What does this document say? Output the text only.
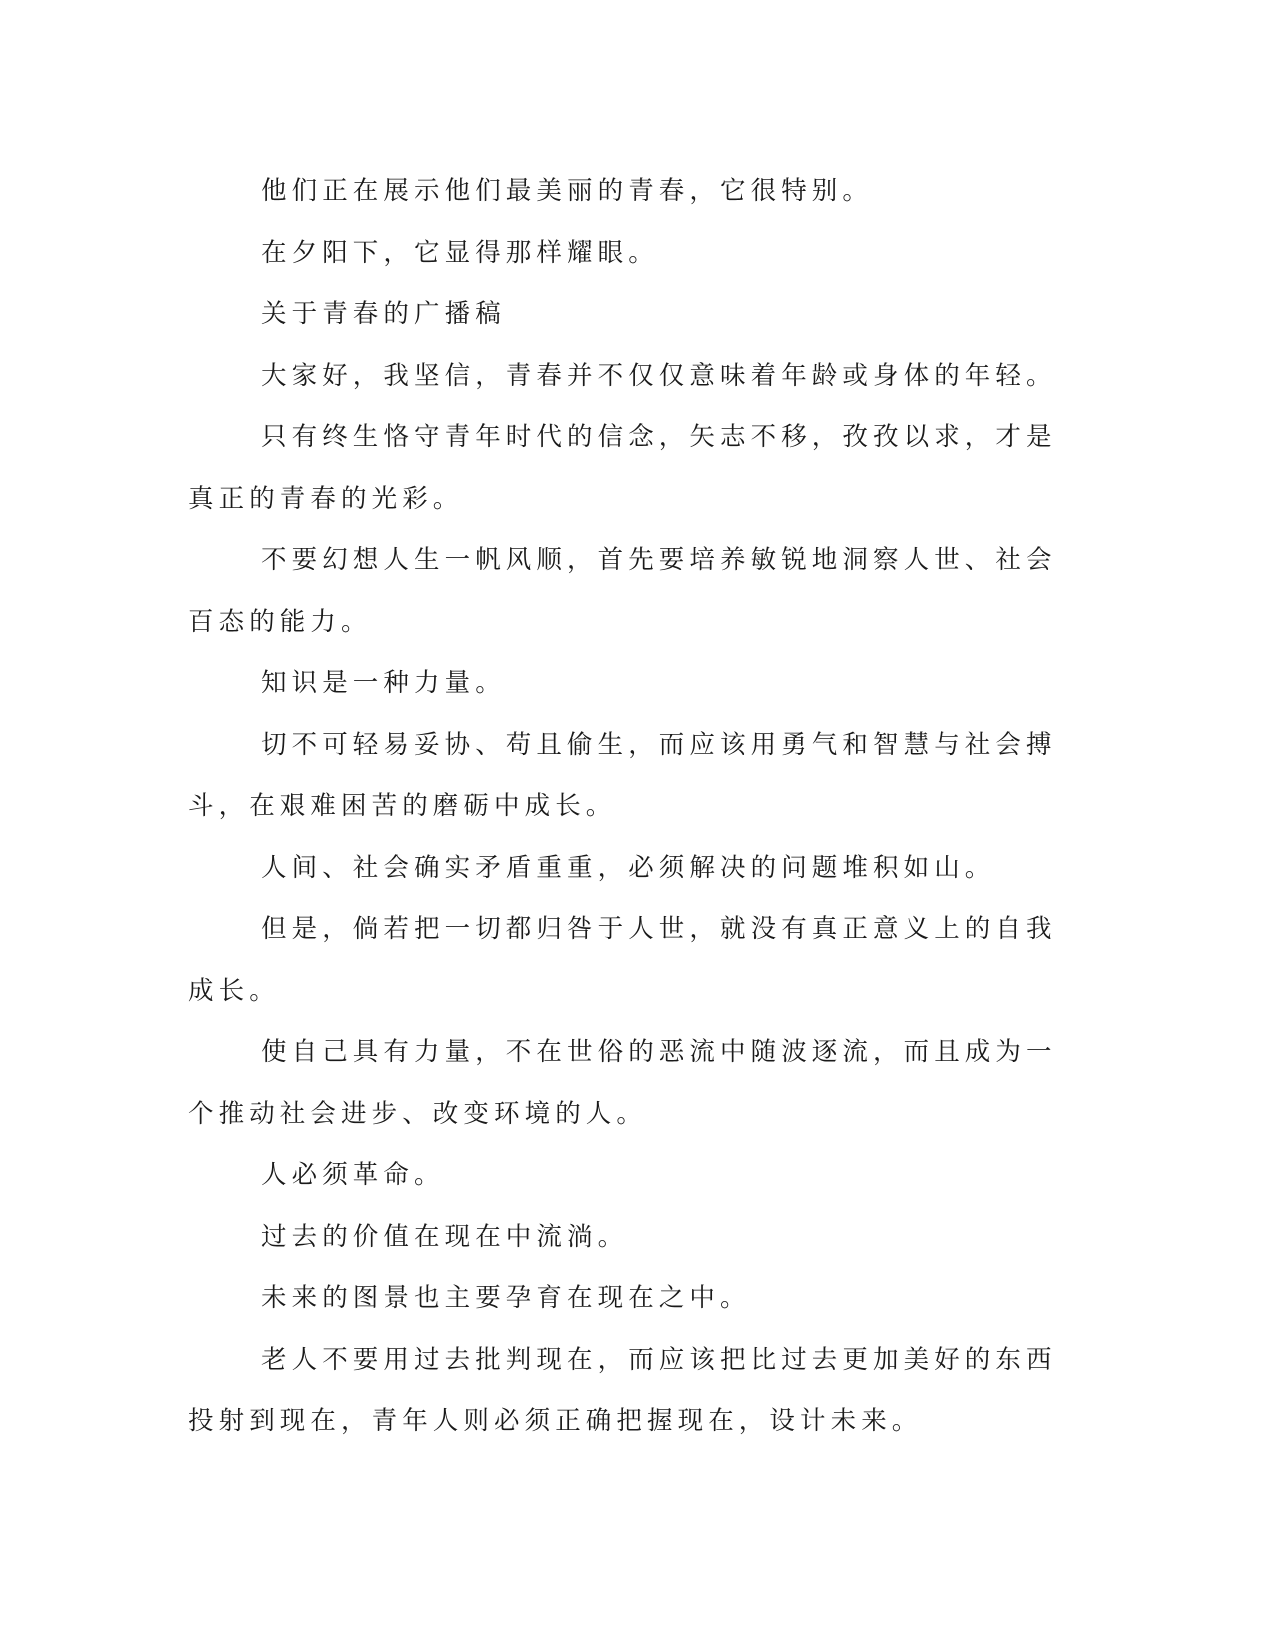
他们正在展示他们最美丽的青春，它很特别。

在夕阳下，它显得那样耀眼。

关于青春的广播稿

大家好，我坚信，青春并不仅仅意味着年龄或身体的年轻。

只有终生恪守青年时代的信念，矢志不移，孜孜以求，才是真正的青春的光彩。

不要幻想人生一帆风顺，首先要培养敏锐地洞察人世、社会百态的能力。

知识是一种力量。

切不可轻易妥协、苟且偷生，而应该用勇气和智慧与社会搏斗，在艰难困苦的磨砺中成长。

人间、社会确实矛盾重重，必须解决的问题堆积如山。

但是，倘若把一切都归咎于人世，就没有真正意义上的自我成长。

使自己具有力量，不在世俗的恶流中随波逐流，而且成为一个推动社会进步、改变环境的人。

人必须革命。

过去的价值在现在中流淌。

未来的图景也主要孕育在现在之中。

老人不要用过去批判现在，而应该把比过去更加美好的东西投射到现在，青年人则必须正确把握现在，设计未来。
